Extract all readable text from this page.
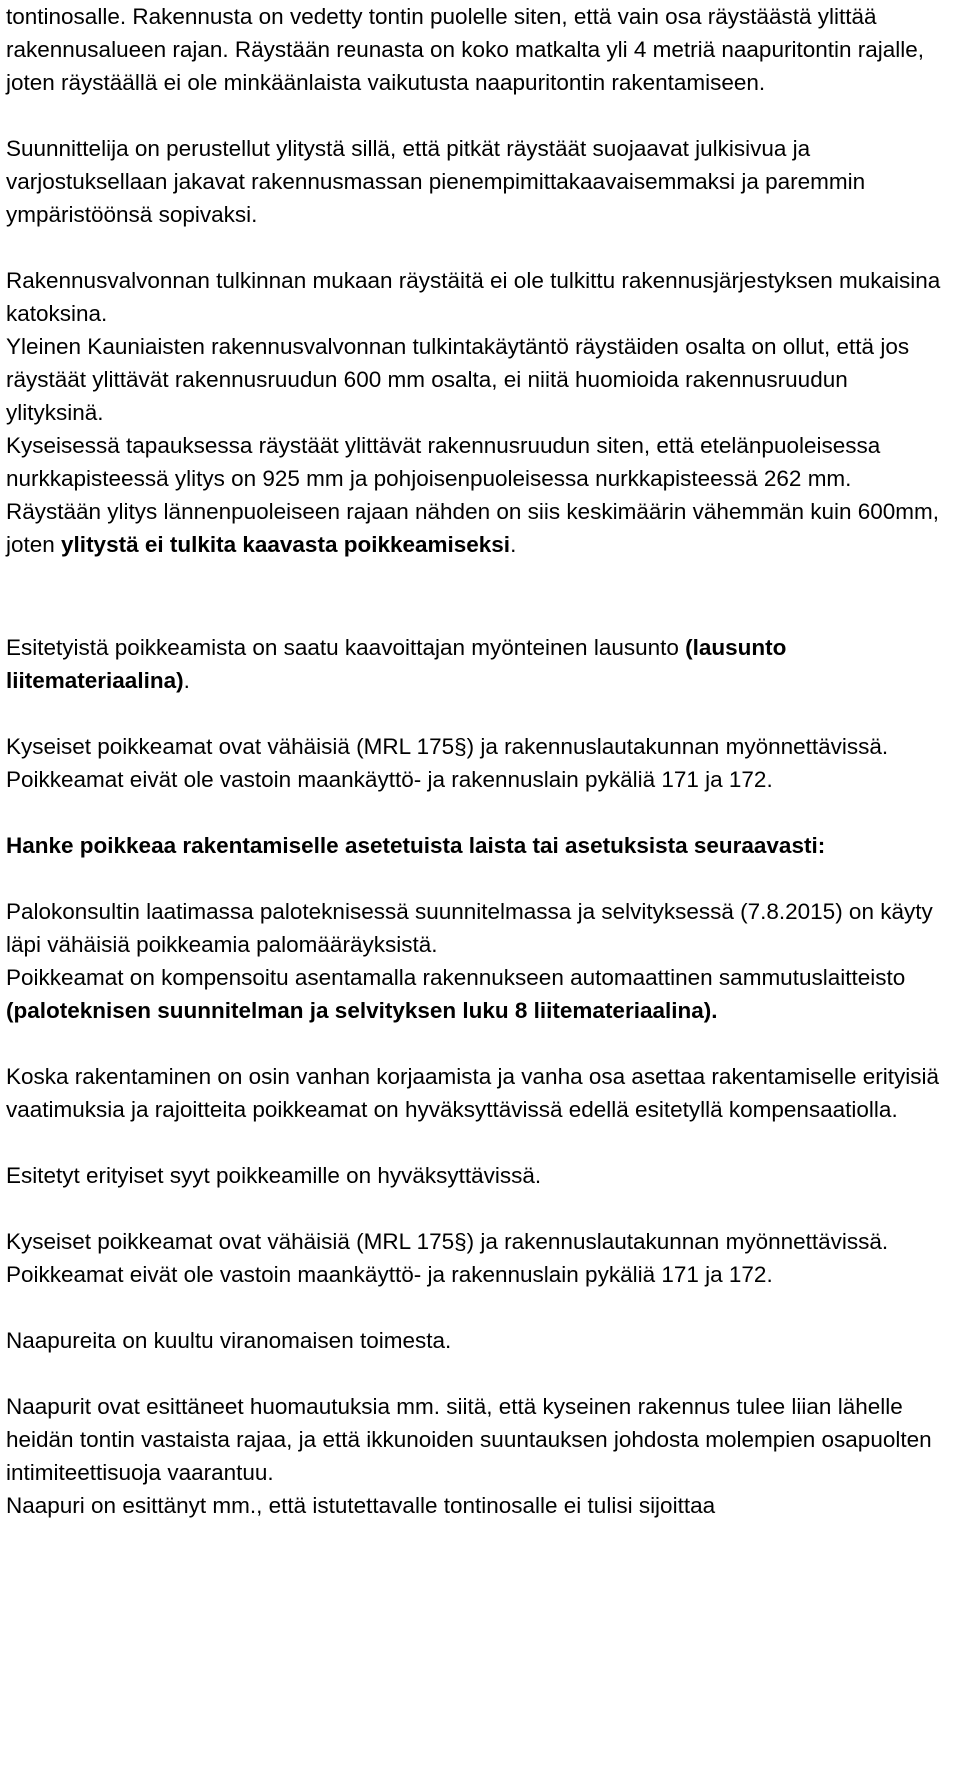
tontinosalle. Rakennusta on vedetty tontin puolelle siten, että vain osa räystäästä ylittää rakennusalueen rajan. Räystään reunasta on koko matkalta yli 4 metriä naapuritontin rajalle, joten räystäällä ei ole minkäänlaista vaikutusta naapuritontin rakentamiseen.

Suunnittelija on perustellut ylitystä sillä, että pitkät räystäät suojaavat julkisivua ja varjostuksellaan jakavat rakennusmassan pienempimittakaavaisemmaksi ja paremmin ympäristöönsä sopivaksi.

Rakennusvalvonnan tulkinnan mukaan räystäitä ei ole tulkittu rakennusjärjestyksen mukaisina katoksina.

Yleinen Kauniaisten rakennusvalvonnan tulkintakäytäntö räystäiden osalta on ollut, että jos räystäät ylittävät rakennusruudun 600 mm osalta, ei niitä huomioida rakennusruudun ylityksinä.

Kyseisessä tapauksessa räystäät ylittävät rakennusruudun siten, että etelänpuoleisessa nurkkapisteessä ylitys on 925 mm ja pohjoisenpuoleisessa nurkkapisteessä 262 mm. Räystään ylitys lännenpuoleiseen rajaan nähden on siis keskimäärin vähemmän kuin 600mm, joten ylitystä ei tulkita kaavasta poikkeamiseksi.

Esitetyistä poikkeamista on saatu kaavoittajan myönteinen lausunto (lausunto liitemateriaalina).

Kyseiset poikkeamat ovat vähäisiä (MRL 175§) ja rakennuslautakunnan myönnettävissä. Poikkeamat eivät ole vastoin maankäyttö- ja rakennuslain pykäliä 171 ja 172.

Hanke poikkeaa rakentamiselle asetetuista laista tai asetuksista seuraavasti:

Palokonsultin laatimassa paloteknisessä suunnitelmassa ja selvityksessä (7.8.2015) on käyty läpi vähäisiä poikkeamia palomääräyksistä.

Poikkeamat on kompensoitu asentamalla rakennukseen automaattinen sammutuslaitteisto (paloteknisen suunnitelman ja selvityksen luku 8 liitemateriaalina).

Koska rakentaminen on osin vanhan korjaamista ja vanha osa asettaa rakentamiselle erityisiä vaatimuksia ja rajoitteita poikkeamat on hyväksyttävissä edellä esitetyllä kompensaatiolla.

Esitetyt erityiset syyt poikkeamille on hyväksyttävissä.

Kyseiset poikkeamat ovat vähäisiä (MRL 175§) ja rakennuslautakunnan myönnettävissä. Poikkeamat eivät ole vastoin maankäyttö- ja rakennuslain pykäliä 171 ja 172.

Naapureita on kuultu viranomaisen toimesta.

Naapurit ovat esittäneet huomautuksia mm. siitä, että kyseinen rakennus tulee liian lähelle heidän tontin vastaista rajaa, ja että ikkunoiden suuntauksen johdosta molempien osapuolten intimiteettisuoja vaarantuu.

Naapuri on esittänyt mm., että istutettavalle tontinosalle ei tulisi sijoittaa
